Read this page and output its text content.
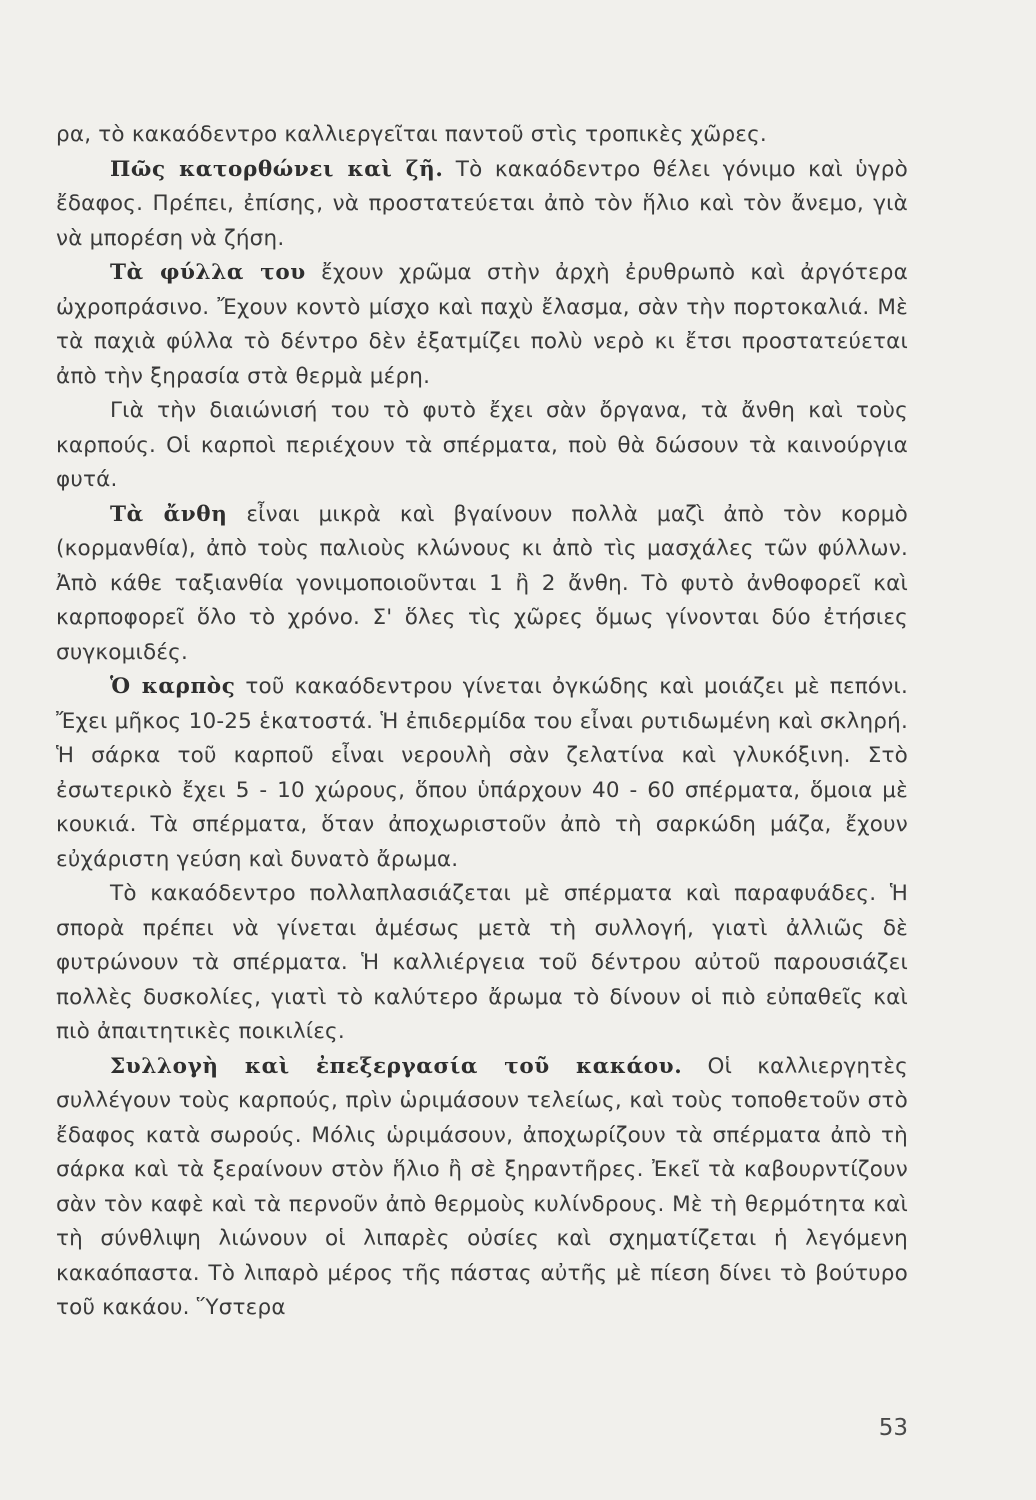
ρα, τὸ κακαόδεντρο καλλιεργεῖται παντοῦ στὶς τροπικὲς χῶρες.

Πῶς κατορθώνει καὶ ζῆ. Τὸ κακαόδεντρο θέλει γόνιμο καὶ ὑγρὸ ἔδαφος. Πρέπει, ἐπίσης, νὰ προστατεύεται ἀπὸ τὸν ἥλιο καὶ τὸν ἄνεμο, γιὰ νὰ μπορέση νὰ ζήση.

Τὰ φύλλα του ἔχουν χρῶμα στὴν ἀρχὴ ἐρυθρωπὸ καὶ ἀργότερα ὠχροπράσινο. Ἔχουν κοντὸ μίσχο καὶ παχὺ ἔλασμα, σὰν τὴν πορτοκαλιά. Μὲ τὰ παχιὰ φύλλα τὸ δέντρο δὲν ἐξατμίζει πολὺ νερὸ κι ἔτσι προστατεύεται ἀπὸ τὴν ξηρασία στὰ θερμὰ μέρη.

Γιὰ τὴν διαιώνισή του τὸ φυτὸ ἔχει σὰν ὄργανα, τὰ ἄνθη καὶ τοὺς καρπούς. Οἱ καρποὶ περιέχουν τὰ σπέρματα, ποὺ θὰ δώσουν τὰ καινούργια φυτά.

Τὰ ἄνθη εἶναι μικρὰ καὶ βγαίνουν πολλὰ μαζὶ ἀπὸ τὸν κορμὸ (κορμανθία), ἀπὸ τοὺς παλιοὺς κλώνους κι ἀπὸ τὶς μασχάλες τῶν φύλλων. Ἀπὸ κάθε ταξιανθία γονιμοποιοῦνται 1 ἢ 2 ἄνθη. Τὸ φυτὸ ἀνθοφορεῖ καὶ καρποφορεῖ ὅλο τὸ χρόνο. Σ' ὅλες τὶς χῶρες ὅμως γίνονται δύο ἐτήσιες συγκομιδές.

Ὁ καρπὸς τοῦ κακαόδεντρου γίνεται ὀγκώδης καὶ μοιάζει μὲ πεπόνι. Ἔχει μῆκος 10-25 ἑκατοστά. Ἡ ἐπιδερμίδα του εἶναι ρυτιδωμένη καὶ σκληρή. Ἡ σάρκα τοῦ καρποῦ εἶναι νερουλὴ σὰν ζελατίνα καὶ γλυκόξινη. Στὸ ἐσωτερικὸ ἔχει 5 - 10 χώρους, ὅπου ὑπάρχουν 40 - 60 σπέρματα, ὅμοια μὲ κουκιά. Τὰ σπέρματα, ὅταν ἀποχωριστοῦν ἀπὸ τὴ σαρκώδη μάζα, ἔχουν εὐχάριστη γεύση καὶ δυνατὸ ἄρωμα.

Τὸ κακαόδεντρο πολλαπλασιάζεται μὲ σπέρματα καὶ παραφυάδες. Ἡ σπορὰ πρέπει νὰ γίνεται ἀμέσως μετὰ τὴ συλλογή, γιατὶ ἀλλιῶς δὲ φυτρώνουν τὰ σπέρματα. Ἡ καλλιέργεια τοῦ δέντρου αὐτοῦ παρουσιάζει πολλὲς δυσκολίες, γιατὶ τὸ καλύτερο ἄρωμα τὸ δίνουν οἱ πιὸ εὐπαθεῖς καὶ πιὸ ἀπαιτητικὲς ποικιλίες.

Συλλογὴ καὶ ἐπεξεργασία τοῦ κακάου. Οἱ καλλιεργητὲς συλλέγουν τοὺς καρπούς, πρὶν ὡριμάσουν τελείως, καὶ τοὺς τοποθετοῦν στὸ ἔδαφος κατὰ σωρούς. Μόλις ὡριμάσουν, ἀποχωρίζουν τὰ σπέρματα ἀπὸ τὴ σάρκα καὶ τὰ ξεραίνουν στὸν ἥλιο ἢ σὲ ξηραντῆρες. Ἐκεῖ τὰ καβουρντίζουν σὰν τὸν καφὲ καὶ τὰ περνοῦν ἀπὸ θερμοὺς κυλίνδρους. Μὲ τὴ θερμότητα καὶ τὴ σύνθλιψη λιώνουν οἱ λιπαρὲς οὐσίες καὶ σχηματίζεται ἡ λεγόμενη κακαόπαστα. Τὸ λιπαρὸ μέρος τῆς πάστας αὐτῆς μὲ πίεση δίνει τὸ βούτυρο τοῦ κακάου. Ὕστερα

53
